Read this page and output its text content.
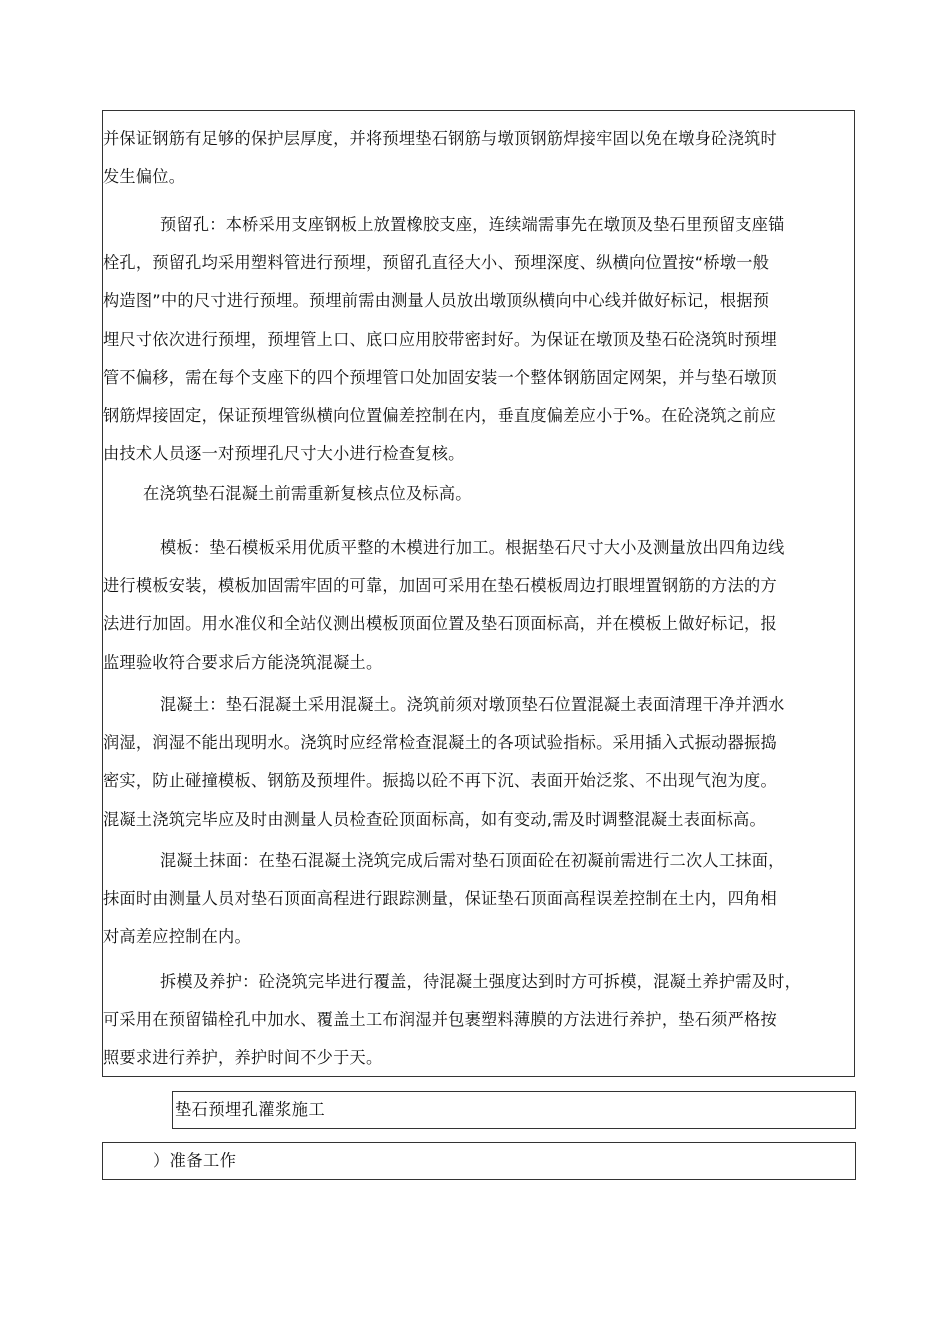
并保证钢筋有足够的保护层厚度，并将预埋垫石钢筋与墩顶钢筋焊接牢固以免在墩身砼浇筑时
发生偏位。
预留孔：本桥采用支座钢板上放置橡胶支座，连续端需事先在墩顶及垫石里预留支座锚
栓孔，预留孔均采用塑料管进行预埋，预留孔直径大小、预埋深度、纵横向位置按“桥墩一般
构造图”中的尺寸进行预埋。预埋前需由测量人员放出墩顶纵横向中心线并做好标记，根据预
埋尺寸依次进行预埋，预埋管上口、底口应用胶带密封好。为保证在墩顶及垫石砼浇筑时预埋
管不偏移，需在每个支座下的四个预埋管口处加固安装一个整体钢筋固定网架，并与垫石墩顶
钢筋焊接固定，保证预埋管纵横向位置偏差控制在内，垂直度偏差应小于%。在砼浇筑之前应
由技术人员逐一对预埋孔尺寸大小进行检查复核。
在浇筑垫石混凝土前需重新复核点位及标高。
模板：垫石模板采用优质平整的木模进行加工。根据垫石尺寸大小及测量放出四角边线
进行模板安装，模板加固需牢固的可靠，加固可采用在垫石模板周边打眼埋置钢筋的方法的方
法进行加固。用水准仪和全站仪测出模板顶面位置及垫石顶面标高，并在模板上做好标记，报
监理验收符合要求后方能浇筑混凝土。
混凝土：垫石混凝土采用混凝土。浇筑前须对墩顶垫石位置混凝土表面清理干净并洒水
润湿，润湿不能出现明水。浇筑时应经常检查混凝土的各项试验指标。采用插入式振动器振捣
密实，防止碰撞模板、钢筋及预埋件。振捣以砼不再下沉、表面开始泛浆、不出现气泡为度。
混凝土浇筑完毕应及时由测量人员检查砼顶面标高，如有变动,需及时调整混凝土表面标高。
混凝土抹面：在垫石混凝土浇筑完成后需对垫石顶面砼在初凝前需进行二次人工抹面，
抹面时由测量人员对垫石顶面高程进行跟踪测量，保证垫石顶面高程误差控制在土内，四角相
对高差应控制在内。
拆模及养护：砼浇筑完毕进行覆盖，待混凝土强度达到时方可拆模，混凝土养护需及时，
可采用在预留锚栓孔中加水、覆盖土工布润湿并包裹塑料薄膜的方法进行养护，垫石须严格按
照要求进行养护，养护时间不少于天。
垫石预埋孔灌浆施工
）准备工作
